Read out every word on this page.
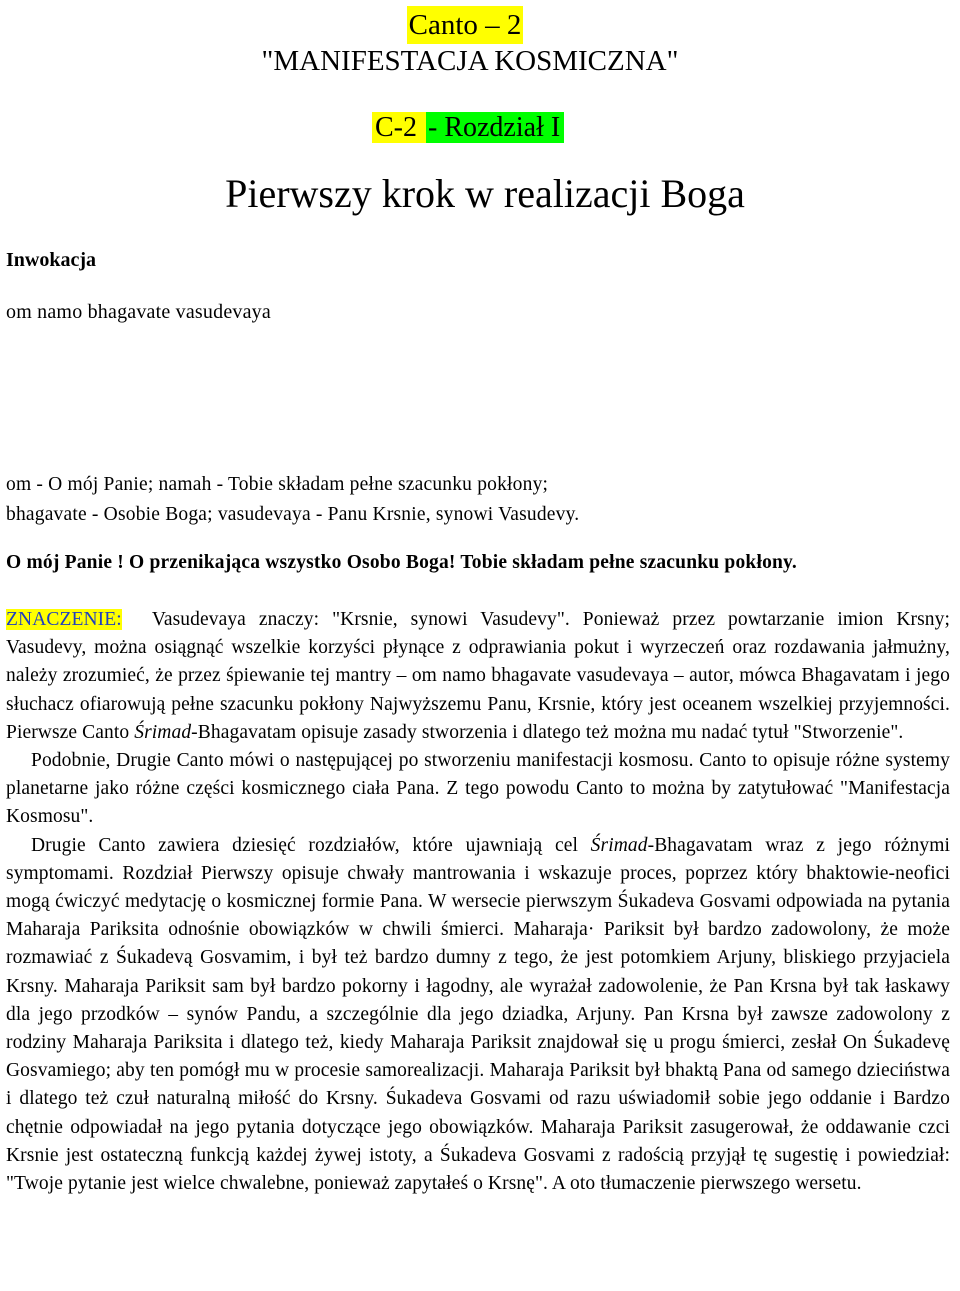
Canto – 2
"MANIFESTACJA KOSMICZNA"
C-2 - Rozdział I
Pierwszy krok w realizacji Boga
Inwokacja
om namo bhagavate vasudevaya
om - O mój Panie; namah - Tobie składam pełne szacunku pokłony;
bhagavate - Osobie Boga; vasudevaya - Panu Krsnie, synowi Vasudevy.
O mój Panie ! O przenikająca wszystko Osobo Boga! Tobie składam pełne szacunku pokłony.

ZNACZENIE: Vasudevaya znaczy: "Krsnie, synowi Vasudevy". Ponieważ przez powtarzanie imion Krsny; Vasudevy, można osiągnąć wszelkie korzyści płynące z odprawiania pokut i wyrzeczeń oraz rozdawania jałmużny, należy zrozumieć, że przez śpiewanie tej mantry – om namo bhagavate vasudevaya – autor, mówca Bhagavatam i jego słuchacz ofiarowują pełne szacunku pokłony Najwyższemu Panu, Krsnie, który jest oceanem wszelkiej przyjemności. Pierwsze Canto Śrimad-Bhagavatam opisuje zasady stworzenia i dlatego też można mu nadać tytuł "Stworzenie".

Podobnie, Drugie Canto mówi o następującej po stworzeniu manifestacji kosmosu. Canto to opisuje różne systemy planetarne jako różne części kosmicznego ciała Pana. Z tego powodu Canto to można by zatytułować "Manifestacja Kosmosu".

Drugie Canto zawiera dziesięć rozdziałów, które ujawniają cel Śrimad-Bhagavatam wraz z jego różnymi symptomami. Rozdział Pierwszy opisuje chwały mantrowania i wskazuje proces, poprzez który bhaktowie-neofici mogą ćwiczyć medytację o kosmicznej formie Pana. W wersecie pierwszym Śukadeva Gosvami odpowiada na pytania Maharaja Pariksita odnośnie obowiązków w chwili śmierci. Maharaja· Pariksit był bardzo zadowolony, że może rozmawiać z Śukadevą Gosvamim, i był też bardzo dumny z tego, że jest potomkiem Arjuny, bliskiego przyjaciela Krsny. Maharaja Pariksit sam był bardzo pokorny i łagodny, ale wyrażał zadowolenie, że Pan Krsna był tak łaskawy dla jego przodków – synów Pandu, a szczególnie dla jego dziadka, Arjuny. Pan Krsna był zawsze zadowolony z rodziny Maharaja Pariksita i dlatego też, kiedy Maharaja Pariksit znajdował się u progu śmierci, zesłał On Śukadevę Gosvamiego; aby ten pomógł mu w procesie samorealizacji. Maharaja Pariksit był bhaktą Pana od samego dzieciństwa i dlatego też czuł naturalną miłość do Krsny. Śukadeva Gosvami od razu uświadomił sobie jego oddanie i Bardzo chętnie odpowiadał na jego pytania dotyczące jego obowiązków. Maharaja Pariksit zasugerował, że oddawanie czci Krsnie jest ostateczną funkcją każdej żywej istoty, a Śukadeva Gosvami z radością przyjął tę sugestię i powiedział: "Twoje pytanie jest wielce chwalebne, ponieważ zapytałeś o Krsnę". A oto tłumaczenie pierwszego wersetu.
